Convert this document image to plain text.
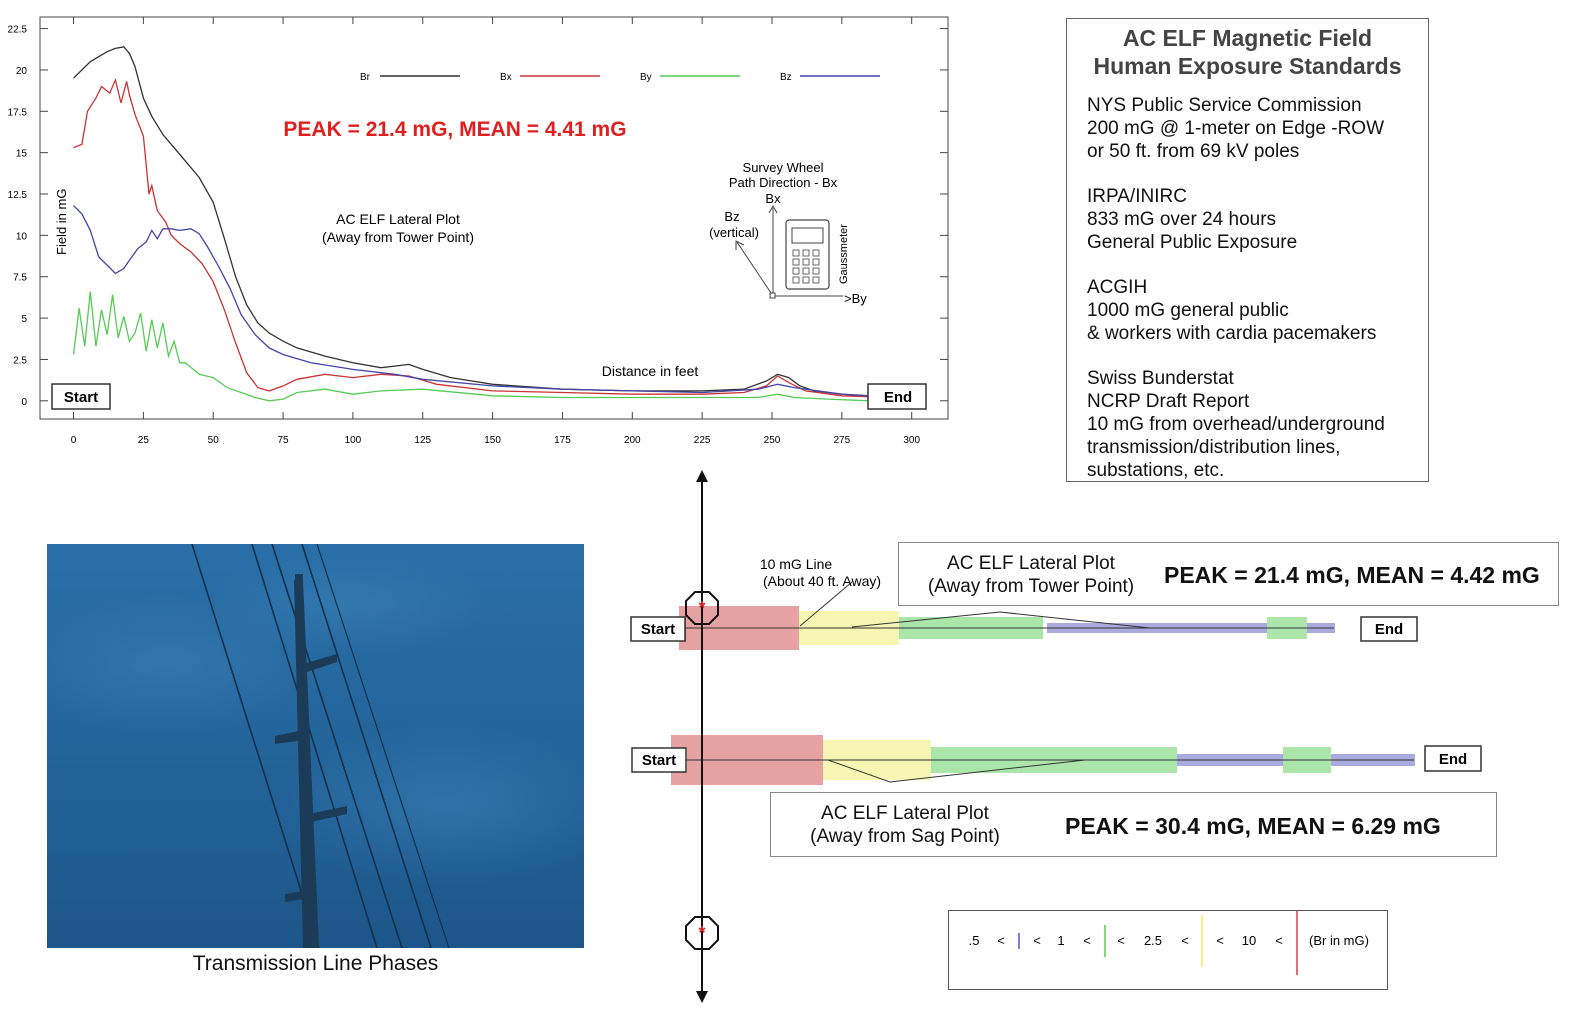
0
2.5
5
7.5
10
12.5
15
17.5
20
22.5
0	25	50	75	100	125	150	175	200	225	250	275	300
Br	Bx	By	Bz
Field in mG
Distance in feet
PEAK = 21.4 mG, MEAN = 4.41 mG
AC ELF Lateral Plot
(Away from Tower Point)
Start	End
Survey Wheel
Path Direction - Bx
Bx
Bz
(vertical)
>By
Gaussmeter
AC ELF Magnetic Field
Human Exposure Standards
NYS Public Service Commission
200 mG @ 1-meter on Edge -ROW
or 50 ft. from 69 kV poles
IRPA/INIRC
833 mG over 24 hours
General Public Exposure
ACGIH
1000 mG general public
& workers with cardia pacemakers
Swiss Bunderstat
NCRP Draft Report
10 mG from overhead/underground
transmission/distribution lines,
substations, etc.
Transmission Line Phases
*
*
10 mG Line
(About 40 ft. Away)
Start	End
Start	End
AC ELF Lateral Plot
(Away from Tower Point)	PEAK = 21.4 mG, MEAN = 4.42 mG
AC ELF Lateral Plot
(Away from Sag Point)	PEAK = 30.4 mG, MEAN = 6.29 mG
.5 < < 1 < < 2.5 < < 10 < (Br in mG)
